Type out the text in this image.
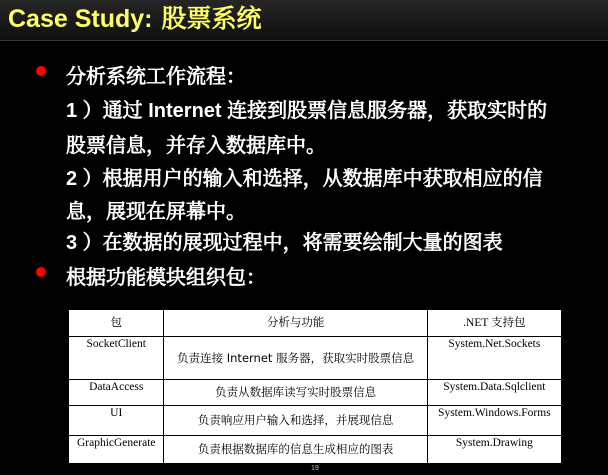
Case Study: 股票系统
分析系统工作流程：
1 ）通过 Internet 连接到股票信息服务器，获取实时的
股票信息，并存入数据库中。
2 ）根据用户的输入和选择，从数据库中获取相应的信
息，展现在屏幕中。
3 ）在数据的展现过程中，将需要绘制大量的图表
根据功能模块组织包：
包	分析与功能	.NET 支持包
SocketClient	负责连接 Internet 服务器，获取实时股票信息	System.Net.Sockets
DataAccess	负责从数据库读写实时股票信息	System.Data.Sqlclient
UI	负责响应用户输入和选择，并展现信息	System.Windows.Forms
GraphicGenerate	负责根据数据库的信息生成相应的图表	System.Drawing
19
